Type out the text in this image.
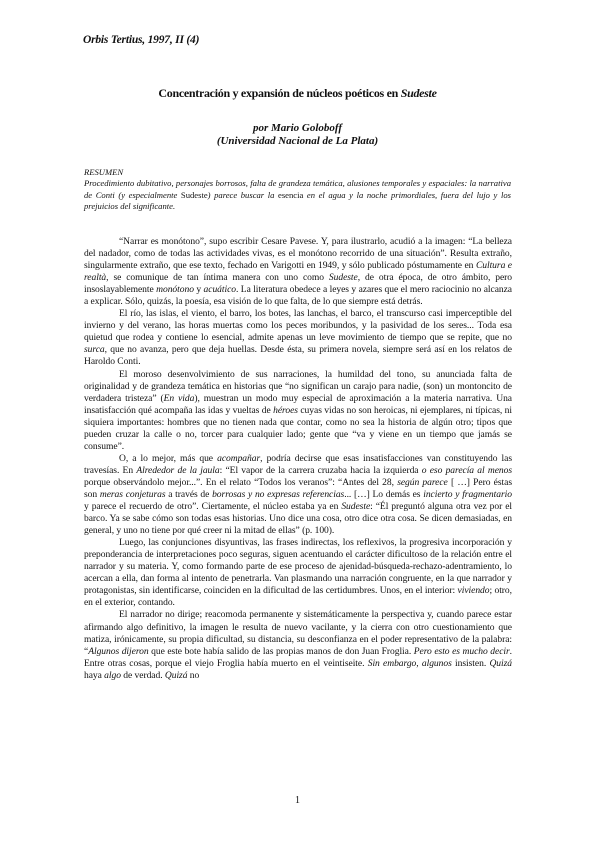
Orbis Tertius, 1997, II (4)
Concentración y expansión de núcleos poéticos en Sudeste
por Mario Goloboff
(Universidad Nacional de La Plata)
RESUMEN
Procedimiento dubitativo, personajes borrosos, falta de grandeza temática, alusiones temporales y espaciales: la narrativa de Conti (y especialmente Sudeste) parece buscar la esencia en el agua y la noche primordiales, fuera del lujo y los prejuicios del significante.

“Narrar es monótono”, supo escribir Cesare Pavese. Y, para ilustrarlo, acudió a la imagen: “La belleza del nadador, como de todas las actividades vivas, es el monótono recorrido de una situación”. Resulta extraño, singularmente extraño, que ese texto, fechado en Varigotti en 1949, y sólo publicado póstumamente en Cultura e realtà, se comunique de tan íntima manera con uno como Sudeste, de otra época, de otro ámbito, pero insoslayablemente monótono y acuático. La literatura obedece a leyes y azares que el mero raciocinio no alcanza a explicar. Sólo, quizás, la poesía, esa visión de lo que falta, de lo que siempre está detrás.

El río, las islas, el viento, el barro, los botes, las lanchas, el barco, el transcurso casi imperceptible del invierno y del verano, las horas muertas como los peces moribundos, y la pasividad de los seres... Toda esa quietud que rodea y contiene lo esencial, admite apenas un leve movimiento de tiempo que se repite, que no surca, que no avanza, pero que deja huellas. Desde ésta, su primera novela, siempre será así en los relatos de Haroldo Conti.

El moroso desenvolvimiento de sus narraciones, la humildad del tono, su anunciada falta de originalidad y de grandeza temática en historias que “no significan un carajo para nadie, (son) un montoncito de verdadera tristeza” (En vida), muestran un modo muy especial de aproximación a la materia narrativa. Una insatisfacción qué acompaña las idas y vueltas de héroes cuyas vidas no son heroicas, ni ejemplares, ni típicas, ni siquiera importantes: hombres que no tienen nada que contar, como no sea la historia de algún otro; tipos que pueden cruzar la calle o no, torcer para cualquier lado; gente que “va y viene en un tiempo que jamás se consume”.

O, a lo mejor, más que acompañar, podría decirse que esas insatisfacciones van constituyendo las travesías. En Alrededor de la jaula: “El vapor de la carrera cruzaba hacia la izquierda o eso parecía al menos porque observándolo mejor...”. En el relato “Todos los veranos”: “Antes del 28, según parece [ …] Pero éstas son meras conjeturas a través de borrosas y no expresas referencias... […] Lo demás es incierto y fragmentario y parece el recuerdo de otro”. Ciertamente, el núcleo estaba ya en Sudeste: “Él preguntó alguna otra vez por el barco. Ya se sabe cómo son todas esas historias. Uno dice una cosa, otro dice otra cosa. Se dicen demasiadas, en general, y uno no tiene por qué creer ni la mitad de ellas” (p. 100).

Luego, las conjunciones disyuntivas, las frases indirectas, los reflexivos, la progresiva incorporación y preponderancia de interpretaciones poco seguras, siguen acentuando el carácter dificultoso de la relación entre el narrador y su materia. Y, como formando parte de ese proceso de ajenidad-búsqueda-rechazo-adentramiento, lo acercan a ella, dan forma al intento de penetrarla. Van plasmando una narración congruente, en la que narrador y protagonistas, sin identificarse, coinciden en la dificultad de las certidumbres. Unos, en el interior: viviendo; otro, en el exterior, contando.

El narrador no dirige; reacomoda permanente y sistemáticamente la perspectiva y, cuando parece estar afirmando algo definitivo, la imagen le resulta de nuevo vacilante, y la cierra con otro cuestionamiento que matiza, irónicamente, su propia dificultad, su distancia, su desconfianza en el poder representativo de la palabra: “Algunos dijeron que este bote había salido de las propias manos de don Juan Froglia. Pero esto es mucho decir. Entre otras cosas, porque el viejo Froglia había muerto en el veintiseite. Sin embargo, algunos insisten. Quizá haya algo de verdad. Quizá no

1
